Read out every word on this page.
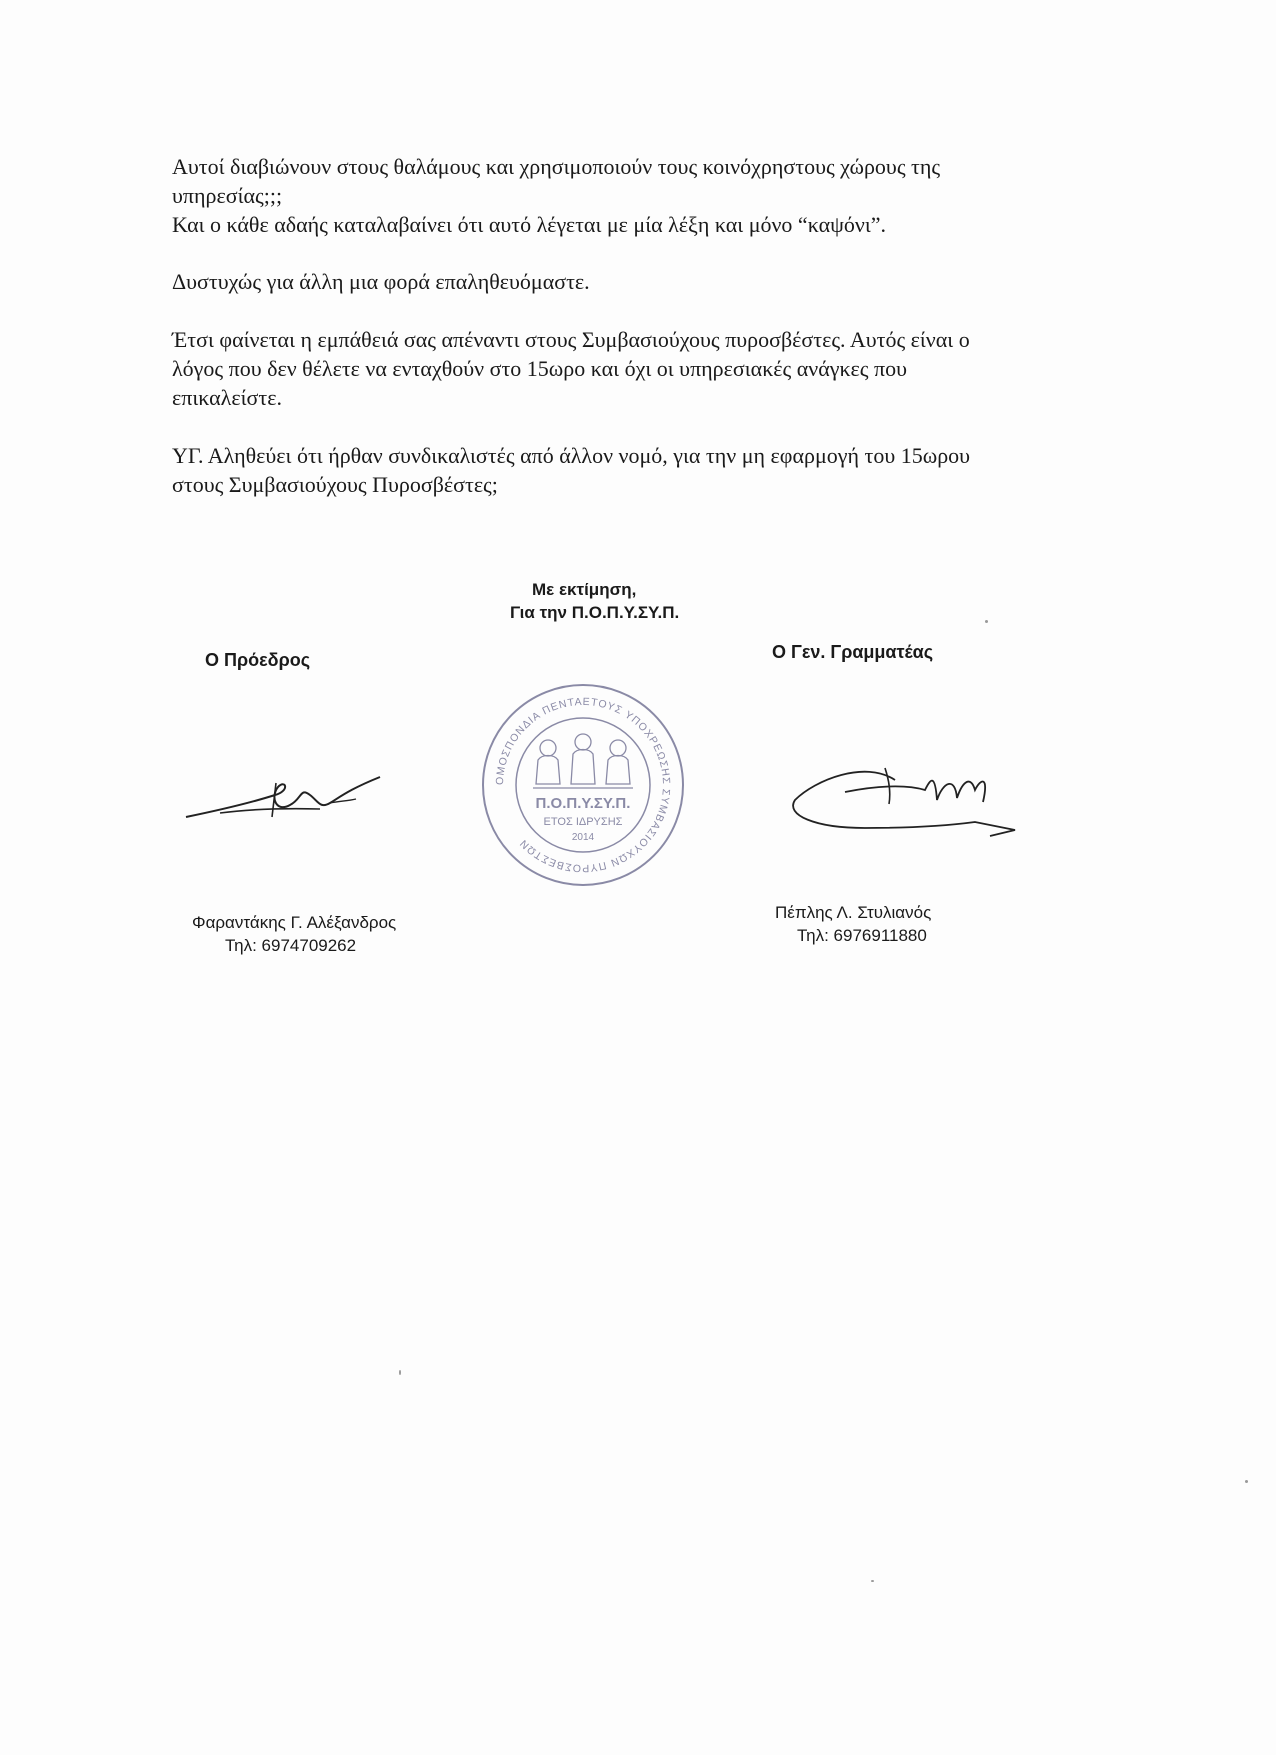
Αυτοί διαβιώνουν στους θαλάμους και χρησιμοποιούν τους κοινόχρηστους χώρους της
υπηρεσίας;;;
Και ο κάθε αδαής καταλαβαίνει ότι αυτό λέγεται με μία λέξη και μόνο “καψόνι”.

Δυστυχώς για άλλη μια φορά επαληθευόμαστε.

Έτσι φαίνεται η εμπάθειά σας απέναντι στους Συμβασιούχους πυροσβέστες. Αυτός είναι ο
λόγος που δεν θέλετε να ενταχθούν στο 15ωρο και όχι οι υπηρεσιακές ανάγκες που
επικαλείστε.

ΥΓ. Αληθεύει ότι ήρθαν συνδικαλιστές από άλλον νομό, για την μη εφαρμογή του 15ωρου
στους Συμβασιούχους Πυροσβέστες;

Με εκτίμηση,

Για την Π.Ο.Π.Υ.ΣΥ.Π.

Ο Πρόεδρος

Φαραντάκης Γ. Αλέξανδρος

Τηλ: 6974709262

Ο Γεν. Γραμματέας

Πέπλης Λ. Στυλιανός

Τηλ: 6976911880

ΟΜΟΣΠΟΝΔΙΑ ΠΕΝΤΑΕΤΟΥΣ ΥΠΟΧΡΕΩΣΗΣ ΣΥΜΒΑΣΙΟΥΧΩΝ ΠΥΡΟΣΒΕΣΤΩΝ
Π.Ο.Π.Υ.ΣΥ.Π.
ΕΤΟΣ ΙΔΡΥΣΗΣ
2014
